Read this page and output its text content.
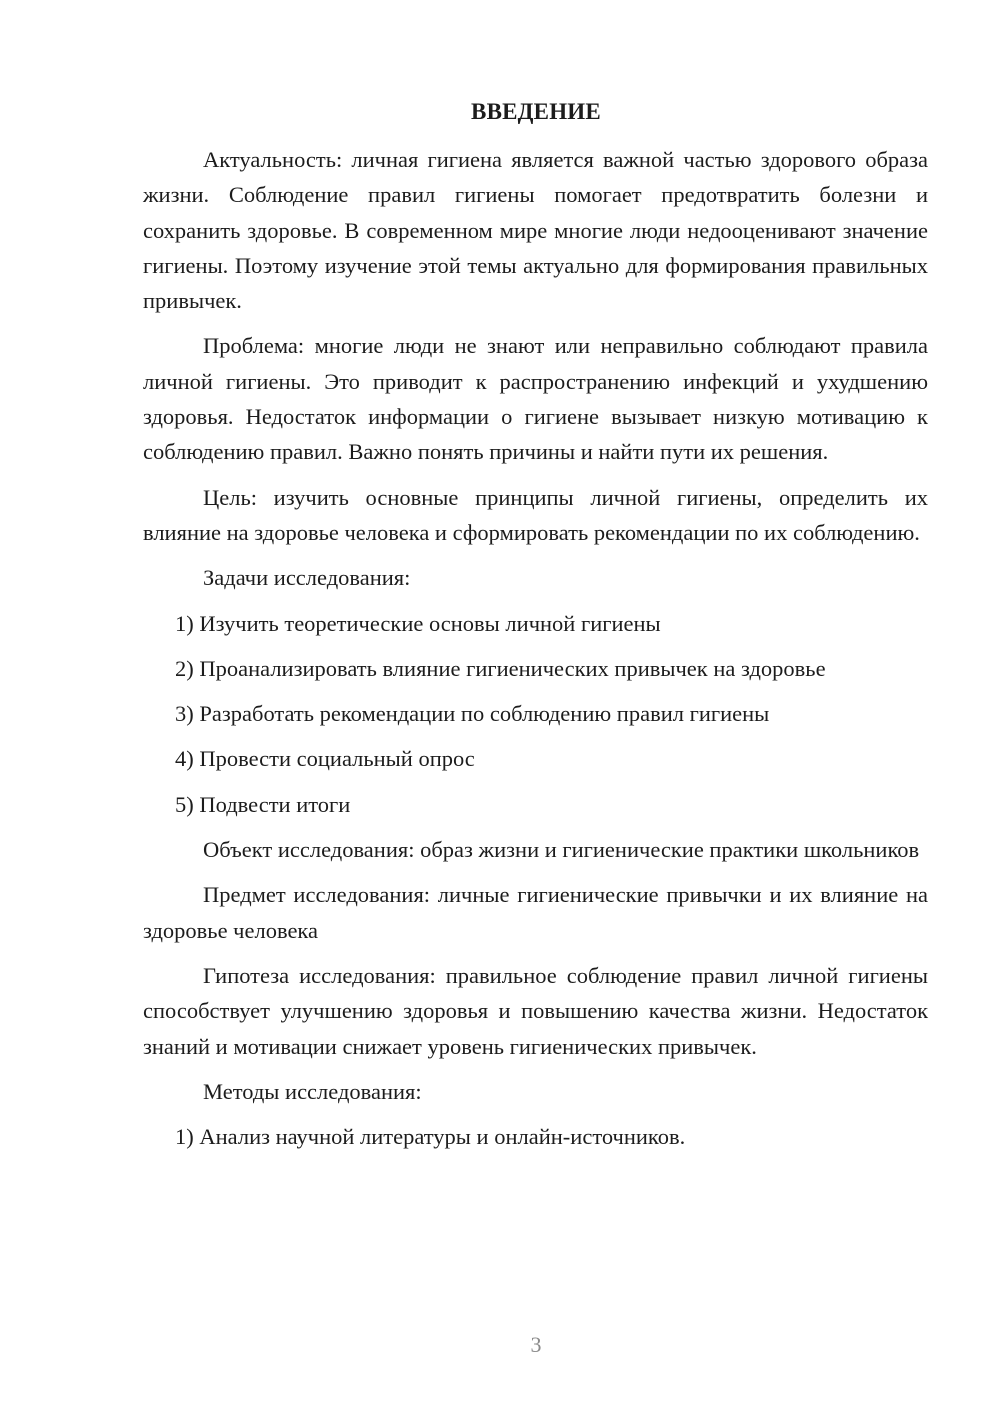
ВВЕДЕНИЕ

Актуальность: личная гигиена является важной частью здорового образа жизни. Соблюдение правил гигиены помогает предотвратить болезни и сохранить здоровье. В современном мире многие люди недооценивают значение гигиены. Поэтому изучение этой темы актуально для формирования правильных привычек.

Проблема: многие люди не знают или неправильно соблюдают правила личной гигиены. Это приводит к распространению инфекций и ухудшению здоровья. Недостаток информации о гигиене вызывает низкую мотивацию к соблюдению правил. Важно понять причины и найти пути их решения.

Цель: изучить основные принципы личной гигиены, определить их влияние на здоровье человека и сформировать рекомендации по их соблюдению.

Задачи исследования:

1) Изучить теоретические основы личной гигиены

2) Проанализировать влияние гигиенических привычек на здоровье

3) Разработать рекомендации по соблюдению правил гигиены

4) Провести социальный опрос

5) Подвести итоги

Объект исследования: образ жизни и гигиенические практики школьников

Предмет исследования: личные гигиенические привычки и их влияние на здоровье человека

Гипотеза исследования: правильное соблюдение правил личной гигиены способствует улучшению здоровья и повышению качества жизни. Недостаток знаний и мотивации снижает уровень гигиенических привычек.

Методы исследования:

1) Анализ научной литературы и онлайн-источников.

3
